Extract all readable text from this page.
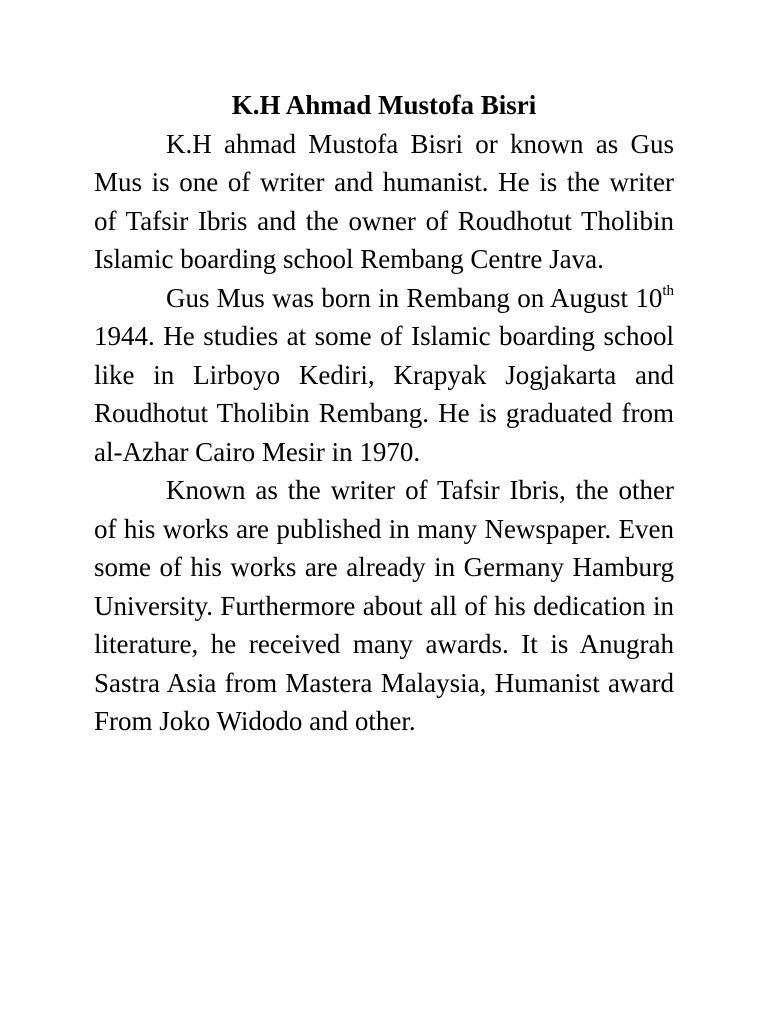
K.H Ahmad Mustofa Bisri

K.H ahmad Mustofa Bisri or known as Gus Mus is one of writer and humanist. He is the writer of Tafsir Ibris and the owner of Roudhotut Tholibin Islamic boarding school Rembang Centre Java.

Gus Mus was born in Rembang on August 10th 1944. He studies at some of Islamic boarding school like in Lirboyo Kediri, Krapyak Jogjakarta and Roudhotut Tholibin Rembang. He is graduated from al-Azhar Cairo Mesir in 1970.

Known as the writer of Tafsir Ibris, the other of his works are published in many Newspaper. Even some of his works are already in Germany Hamburg University. Furthermore about all of his dedication in literature, he received many awards. It is Anugrah Sastra Asia from Mastera Malaysia, Humanist award From Joko Widodo and other.
